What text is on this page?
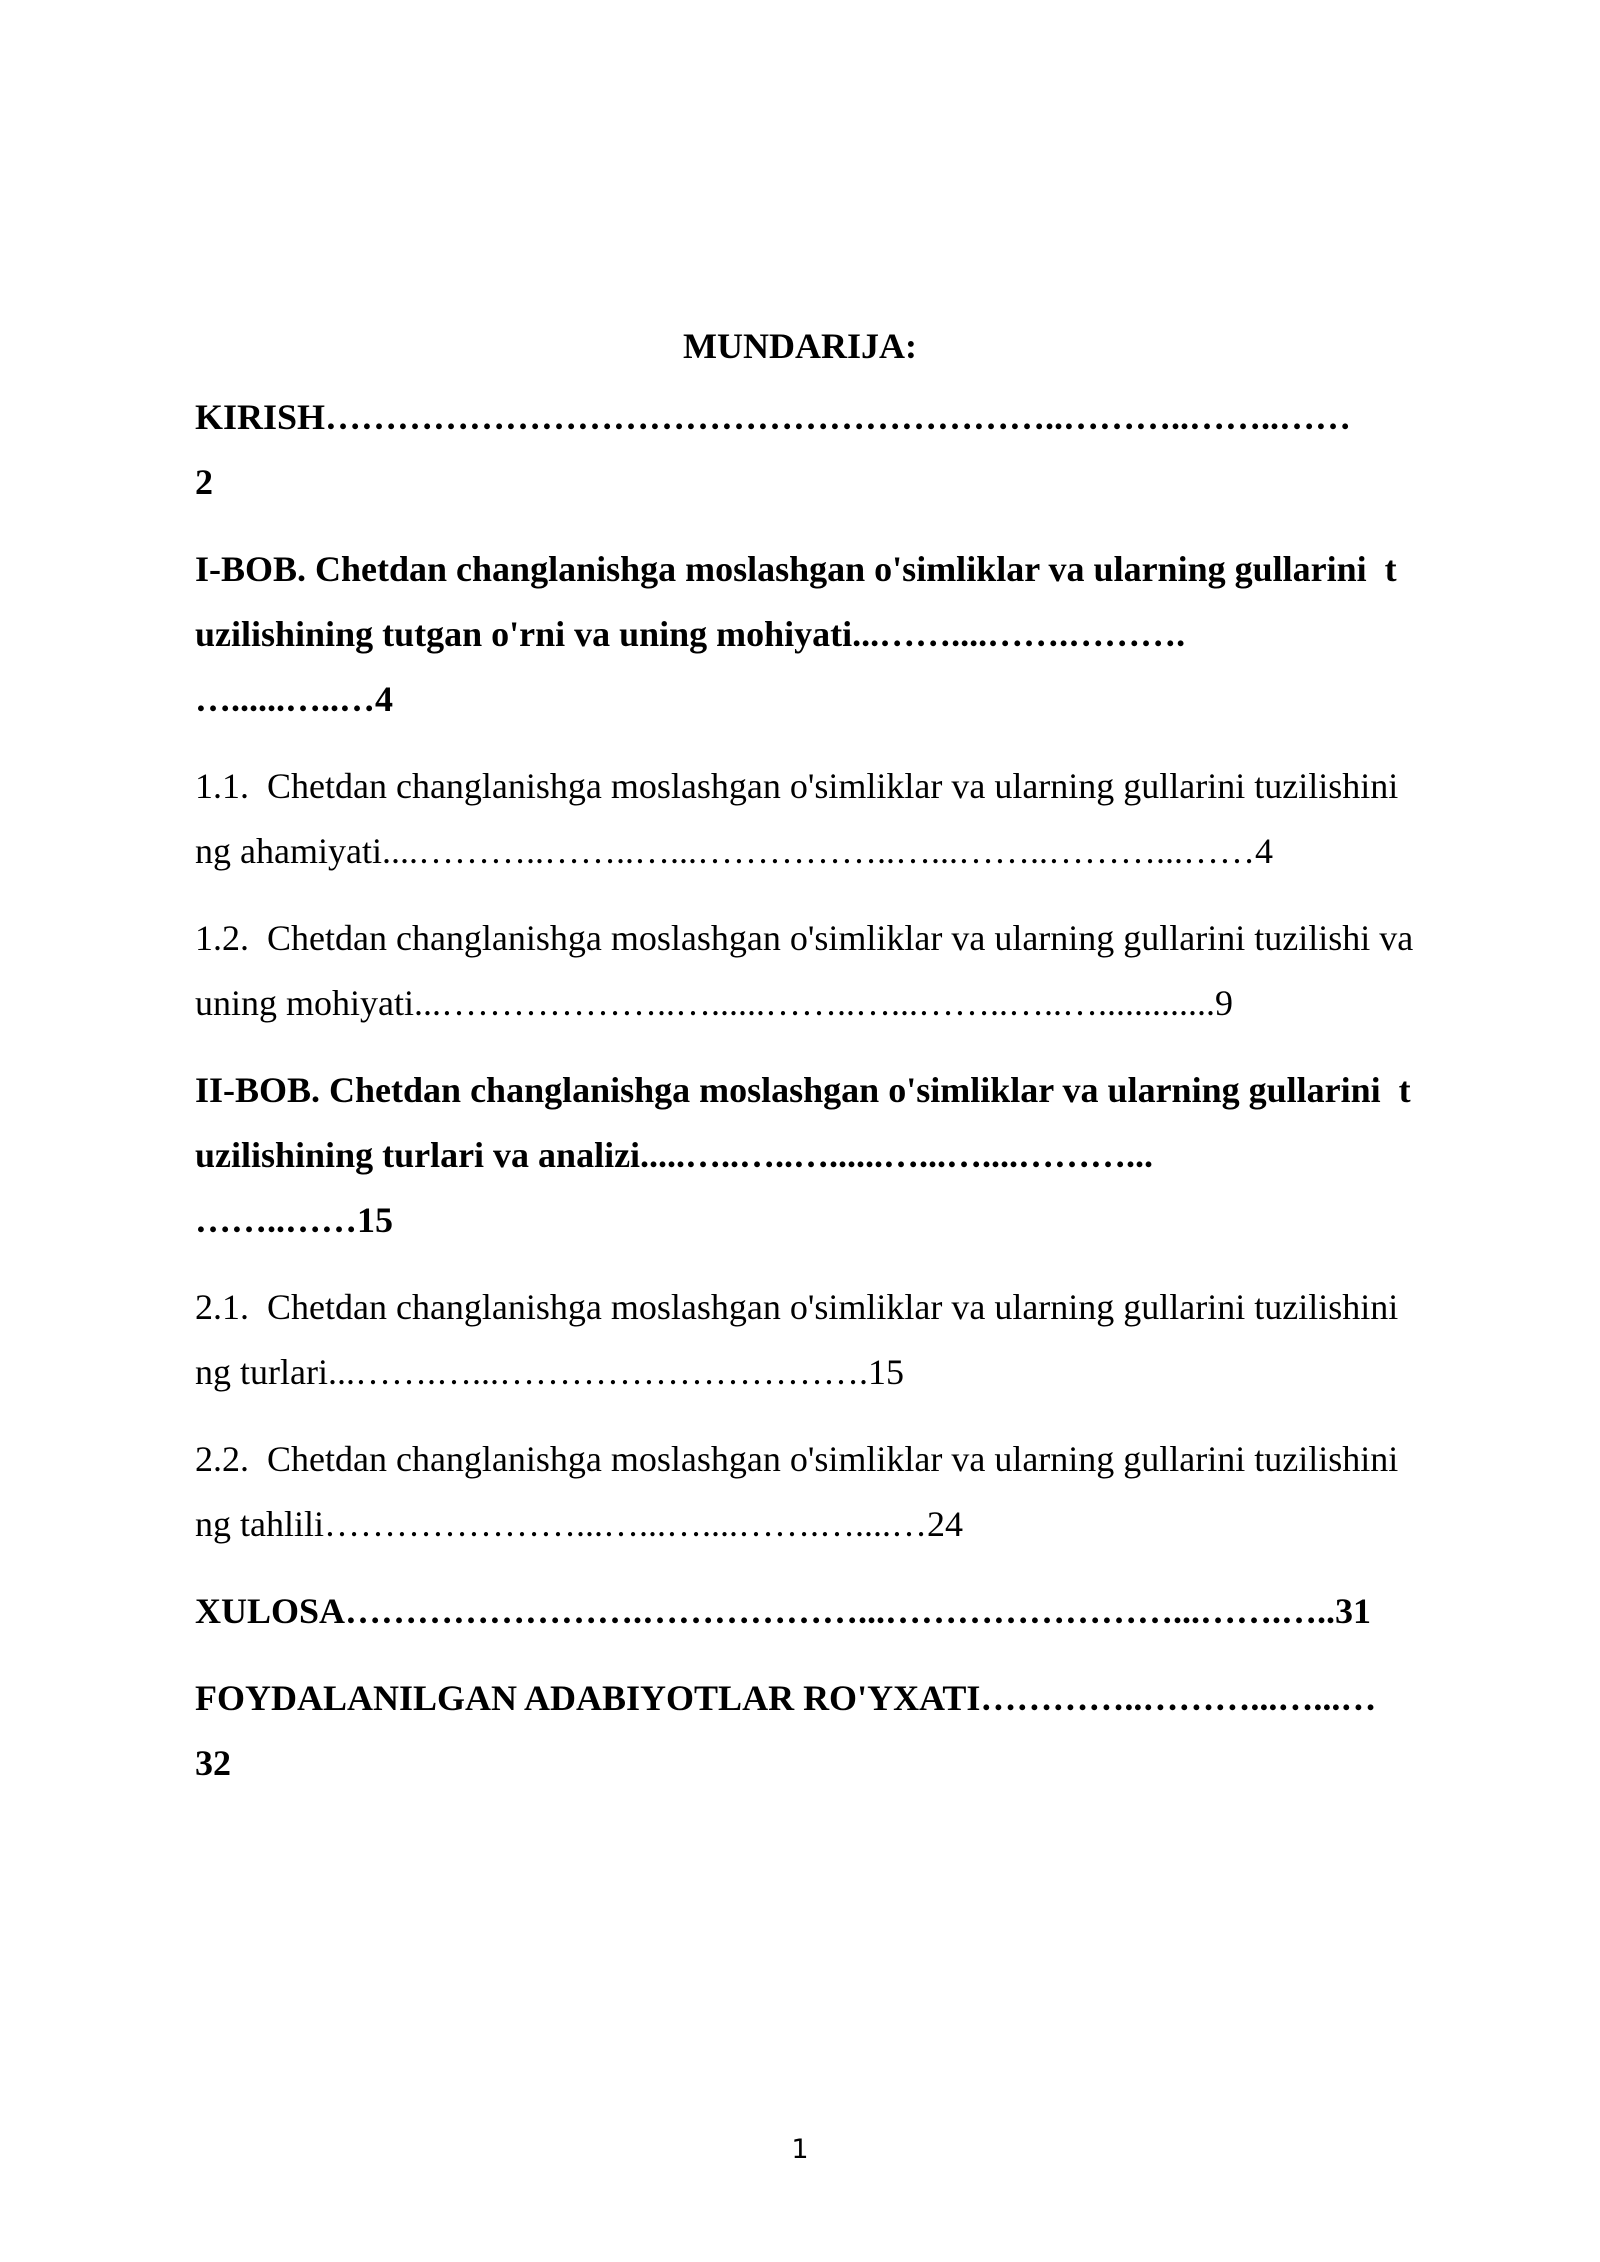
MUNDARIJA:
KIRISH……………………………………………………..………..……..……
2
I-BOB. Chetdan changlanishga moslashgan o'simliklar va ularning gullarini  tuzilishining tutgan o'rni va uning mohiyati...……....…….……….
…......…..…4
1.1.  Chetdan changlanishga moslashgan o'simliklar va ularning gullarini tuzilishining ahamiyati....………..……..…...……………..…...……..………...……4
1.2.  Chetdan changlanishga moslashgan o'simliklar va ularning gullarini tuzilishi va uning mohiyati...………………..…......……..…...……..…..….............9
II-BOB. Chetdan changlanishga moslashgan o'simliklar va ularning gullarini  tuzilishining turlari va analizi.....…..…..…......…...…....………...
……..……15
2.1.  Chetdan changlanishga moslashgan o'simliklar va ularning gullarini tuzilishining turlari...…….…...………………………….15
2.2.  Chetdan changlanishga moslashgan o'simliklar va ularning gullarini tuzilishining tahlili…………………...…...…....…….…....…24
XULOSA…………………….………………...……………………...…….…..31
FOYDALANILGAN ADABIYOTLAR RO'YXATI…………..………...…...…
32
1
